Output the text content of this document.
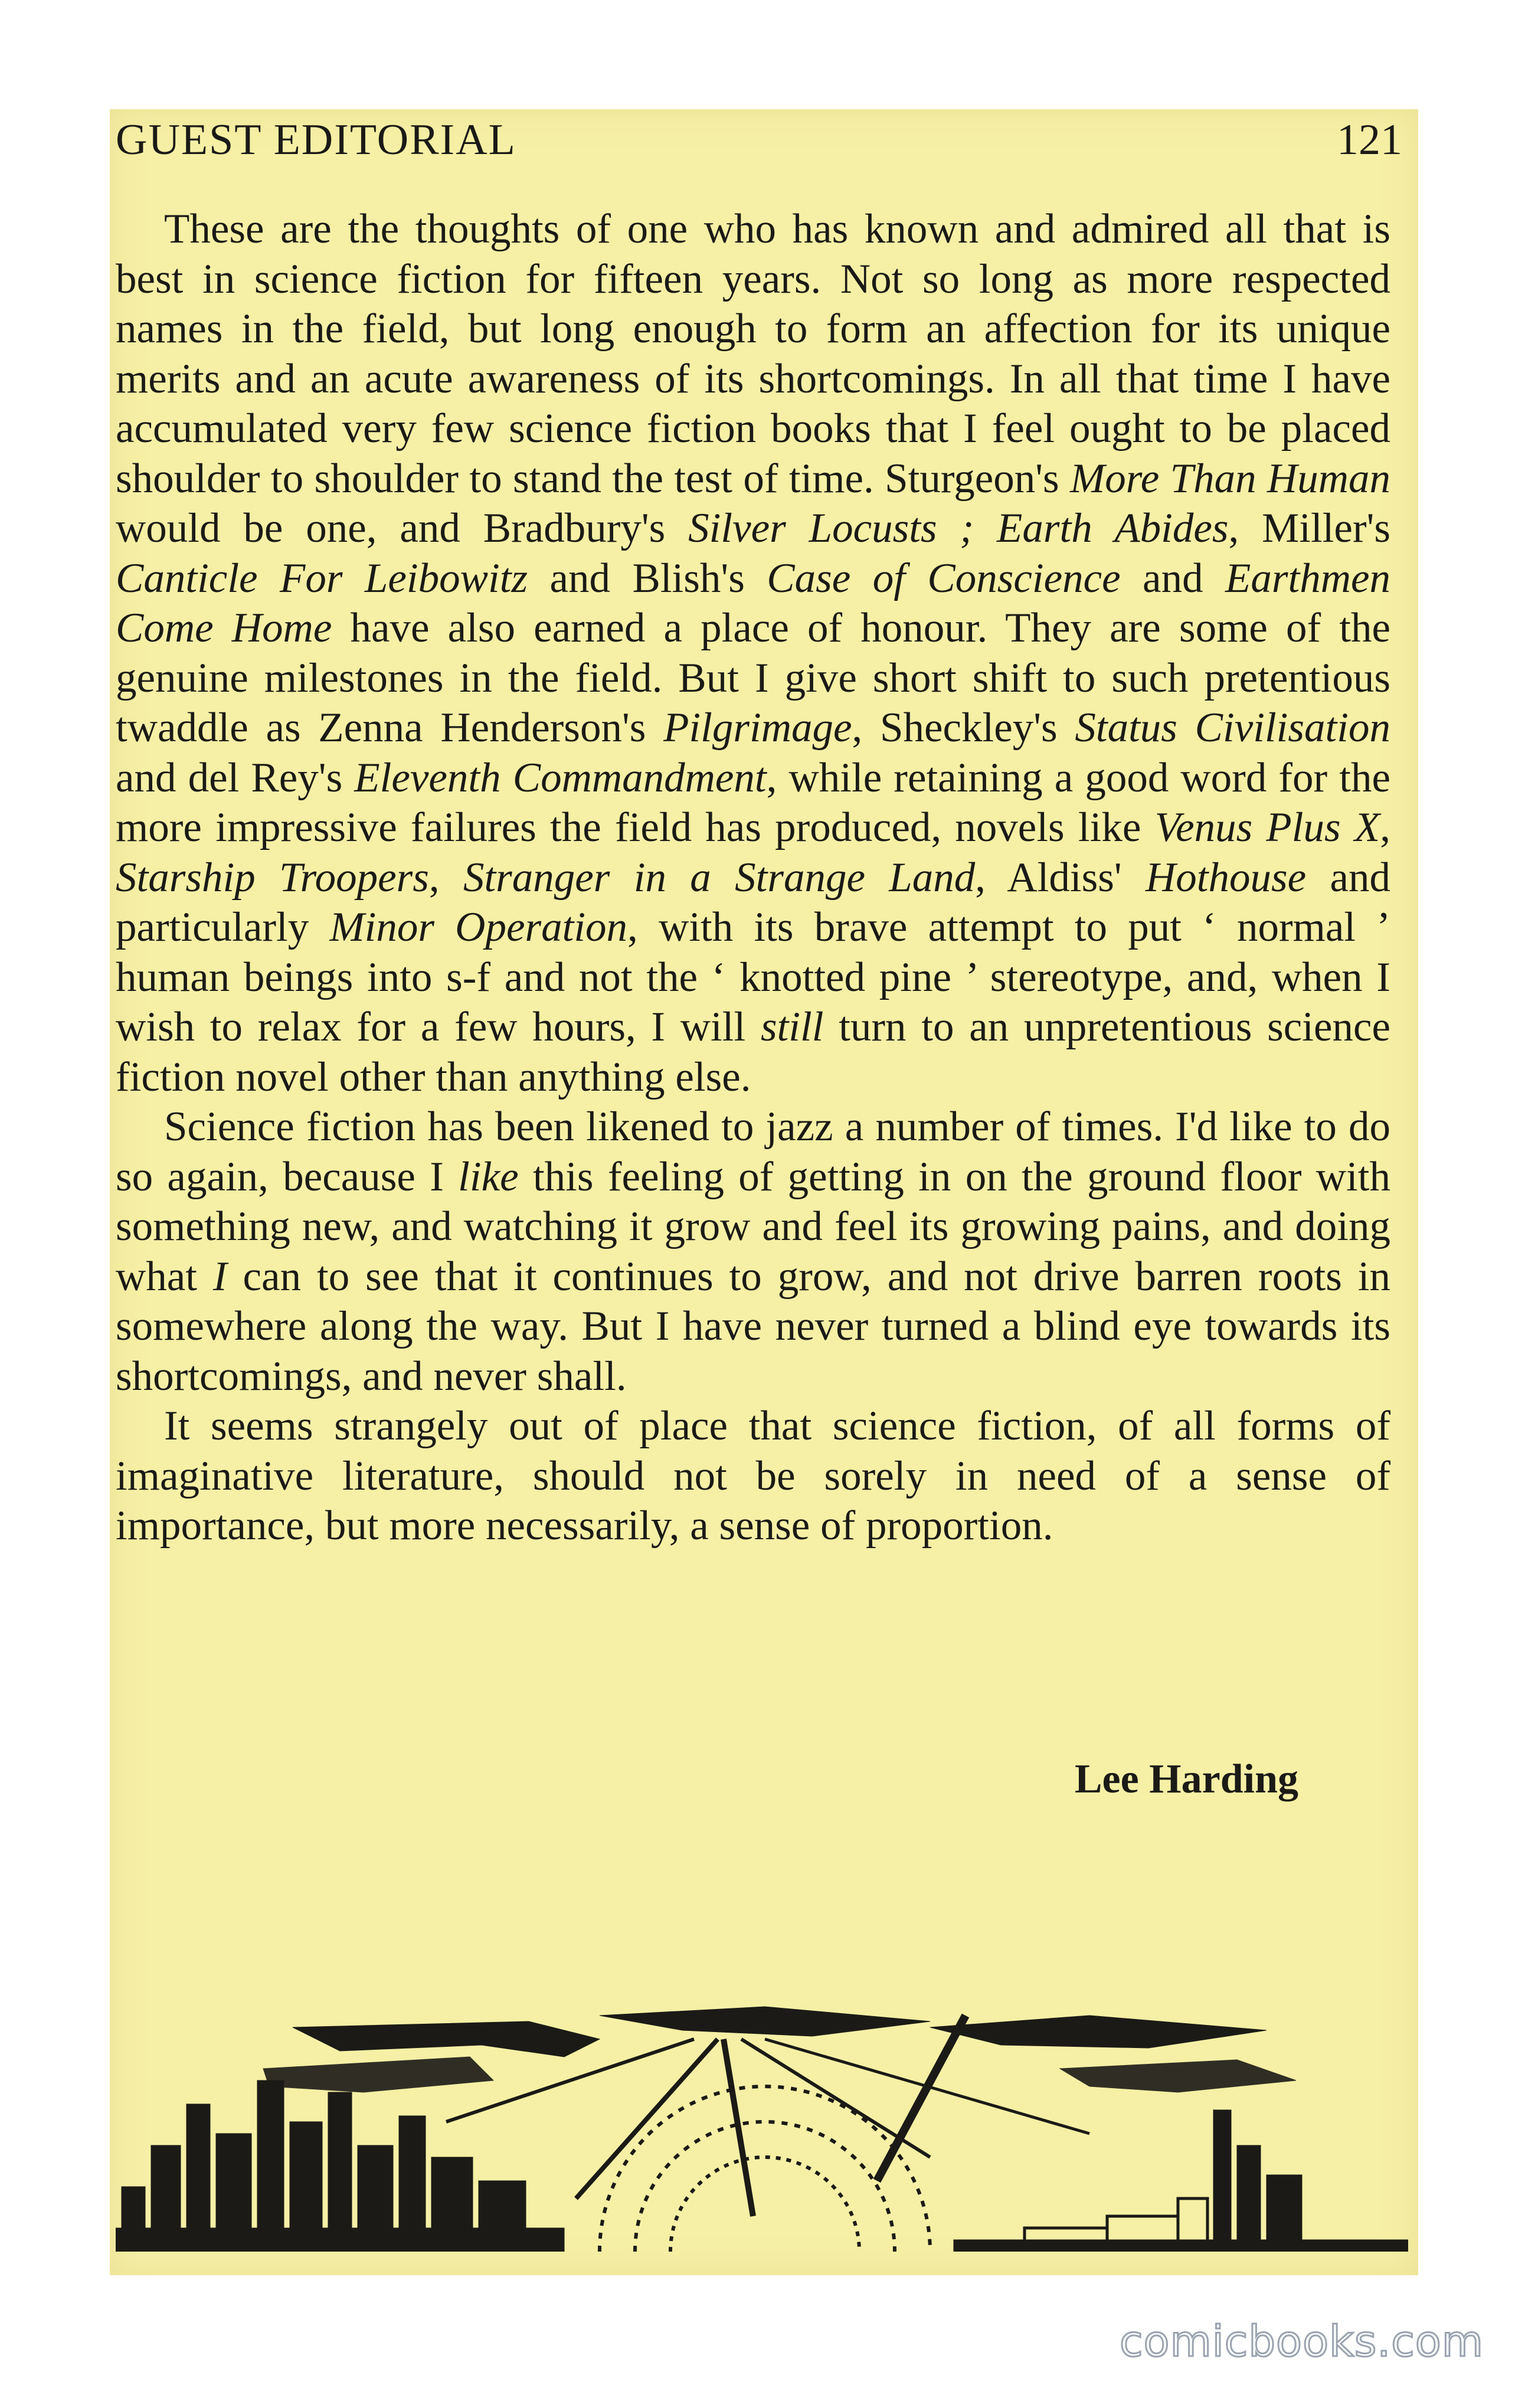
GUEST EDITORIAL	121

These are the thoughts of one who has known and admired all that is best in science fiction for fifteen years. Not so long as more respected names in the field, but long enough to form an affection for its unique merits and an acute awareness of its shortcomings. In all that time I have accumulated very few science fiction books that I feel ought to be placed shoulder to shoulder to stand the test of time. Sturgeon's More Than Human would be one, and Bradbury's Silver Locusts ; Earth Abides, Miller's Canticle For Leibowitz and Blish's Case of Conscience and Earthmen Come Home have also earned a place of honour. They are some of the genuine milestones in the field. But I give short shift to such pretentious twaddle as Zenna Henderson's Pilgrimage, Sheckley's Status Civilisation and del Rey's Eleventh Commandment, while retaining a good word for the more impressive failures the field has produced, novels like Venus Plus X, Starship Troopers, Stranger in a Strange Land, Aldiss' Hothouse and particularly Minor Operation, with its brave attempt to put ‘ normal ’ human beings into s-f and not the ‘ knotted pine ’ stereotype, and, when I wish to relax for a few hours, I will still turn to an unpretentious science fiction novel other than anything else.

Science fiction has been likened to jazz a number of times. I'd like to do so again, because I like this feeling of getting in on the ground floor with something new, and watching it grow and feel its growing pains, and doing what I can to see that it continues to grow, and not drive barren roots in somewhere along the way. But I have never turned a blind eye towards its shortcomings, and never shall.

It seems strangely out of place that science fiction, of all forms of imaginative literature, should not be sorely in need of a sense of importance, but more necessarily, a sense of proportion.

Lee Harding
comicbooks.com
